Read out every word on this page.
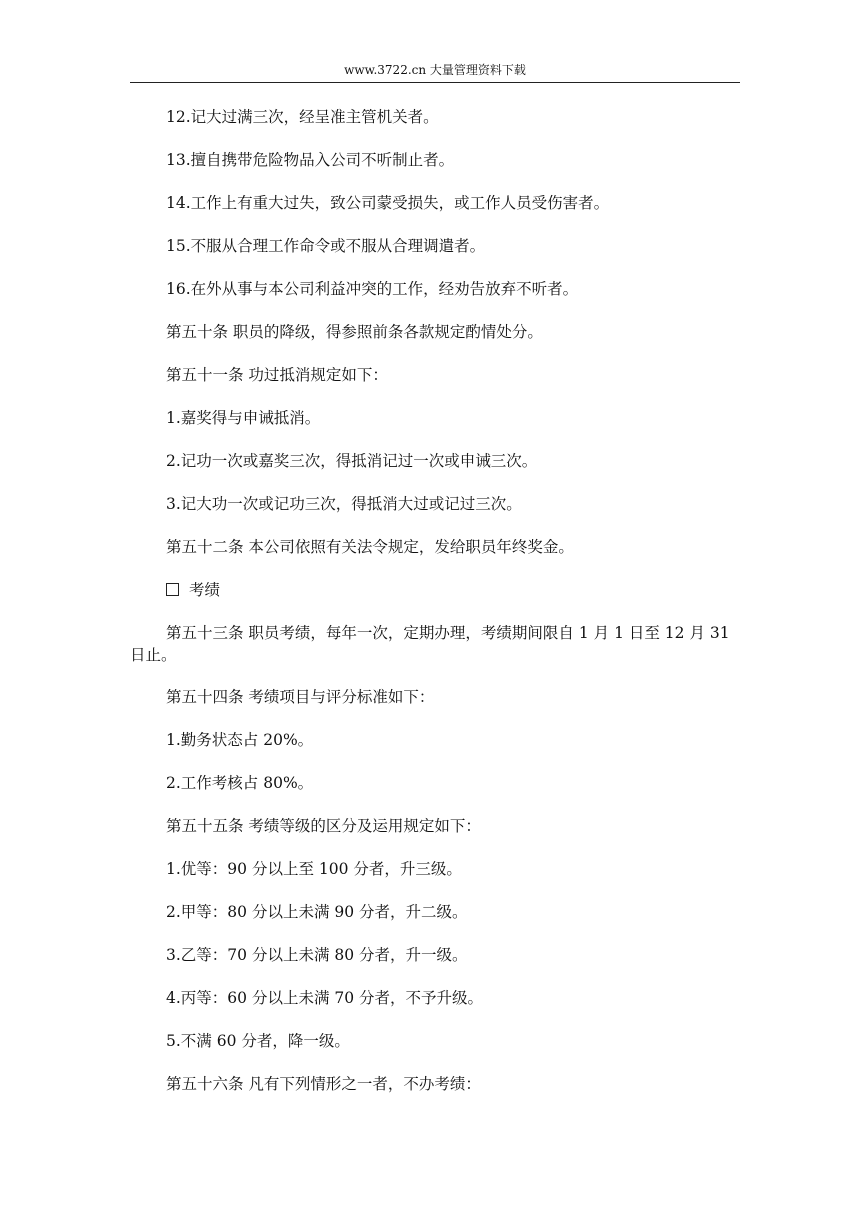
www.3722.cn 大量管理资料下载

12.记大过满三次，经呈准主管机关者。

13.擅自携带危险物品入公司不听制止者。

14.工作上有重大过失，致公司蒙受损失，或工作人员受伤害者。

15.不服从合理工作命令或不服从合理调遣者。

16.在外从事与本公司利益冲突的工作，经劝告放弃不听者。

第五十条 职员的降级，得参照前条各款规定酌情处分。

第五十一条 功过抵消规定如下：

1.嘉奖得与申诫抵消。

2.记功一次或嘉奖三次，得抵消记过一次或申诫三次。

3.记大功一次或记功三次，得抵消大过或记过三次。

第五十二条 本公司依照有关法令规定，发给职员年终奖金。

考绩

第五十三条 职员考绩，每年一次，定期办理，考绩期间限自 1 月 1 日至 12 月 31 日止。

第五十四条 考绩项目与评分标准如下：

1.勤务状态占 20%。

2.工作考核占 80%。

第五十五条 考绩等级的区分及运用规定如下：

1.优等：90 分以上至 100 分者，升三级。

2.甲等：80 分以上未满 90 分者，升二级。

3.乙等：70 分以上未满 80 分者，升一级。

4.丙等：60 分以上未满 70 分者，不予升级。

5.不满 60 分者，降一级。

第五十六条 凡有下列情形之一者，不办考绩：
